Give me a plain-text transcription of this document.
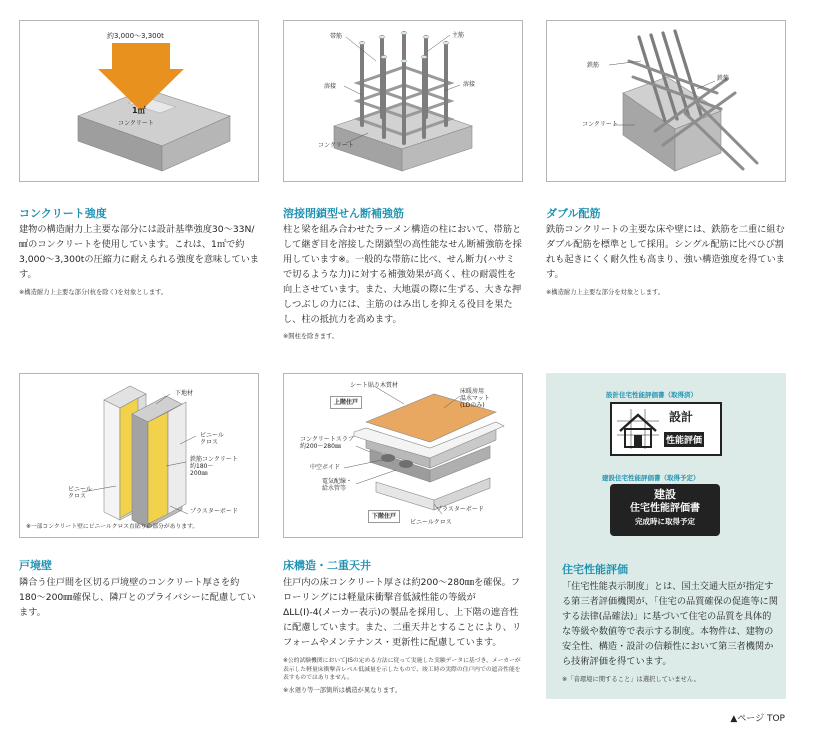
約3,000〜3,300t
1㎡
コンクリート
コンクリート強度

建物の構造耐力上主要な部分には設計基準強度30〜33N/㎟のコンクリートを使用しています。これは、1㎡で約3,000〜3,300tの圧縮力に耐えられる強度を意味しています。

※構造耐力上主要な部分(杭を除く)を対象とします。

帯筋	主筋
溶接	溶接
コンクリート
溶接閉鎖型せん断補強筋

柱と梁を組み合わせたラーメン構造の柱において、帯筋として継ぎ目を溶接した閉鎖型の高性能なせん断補強筋を採用しています※。一般的な帯筋に比べ、せん断力(ハサミで切るような力)に対する補強効果が高く、柱の耐震性を向上させています。また、大地震の際に生ずる、大きな押しつぶしの力には、主筋のはみ出しを抑える役目を果たし、柱の抵抗力を高めます。

※開柱を除きます。

鉄筋
鉄筋
コンクリート
ダブル配筋

鉄筋コンクリートの主要な床や壁には、鉄筋を二重に組むダブル配筋を標準として採用。シングル配筋に比べひび割れも起きにくく耐久性も高まり、強い構造強度を得ています。

※構造耐力上主要な部分を対象とします。

下地材
ビニール
クロス
鉄筋コンクリート
約180〜
200㎜
ビニール
クロス
プラスターボード
※一部コンクリート壁にビニールクロス直貼りの部分があります。
戸境壁

隣合う住戸間を区切る戸境壁のコンクリート厚さを約180〜200㎜確保し、隣戸とのプライバシーに配慮しています。

シート貼り木質材
上階住戸
床暖房用
温水マット
(LDのみ)
コンクリートスラブ
約200〜280㎜
中空ボイド
電気配線・
給水管等
プラスターボード
ビニールクロス
下階住戸
床構造・二重天井

住戸内の床コンクリート厚さは約200〜280㎜を確保。フローリングには軽量床衝撃音低減性能の等級がΔLL(Ⅰ)-4(メーカー表示)の製品を採用し、上下階の遮音性に配慮しています。また、二重天井とすることにより、リフォームやメンテナンス・更新性に配慮しています。

※公的試験機関においてJISの定める方法に従って実施した実験データに基づき、メーカーが表示した軽量床衝撃音レベル低減量を示したもので、竣工時の実際の住戸内での遮音性能を表すものではありません。

※水廻り等一部箇所は構造が異なります。

設計住宅性能評価書（取得済）
設計
性能評価
建設住宅性能評価書（取得予定）
建設
住宅性能評価書
完成時に取得予定
住宅性能評価

「住宅性能表示制度」とは、国土交通大臣が指定する第三者評価機関が、「住宅の品質確保の促進等に関する法律(品確法)」に基づいて住宅の品質を具体的な等級や数値等で表示する制度。本物件は、建物の安全性、構造・設計の信頼性において第三者機関から技術評価を得ています。

※「音環境に関すること」は選択していません。

▲ページ TOP
